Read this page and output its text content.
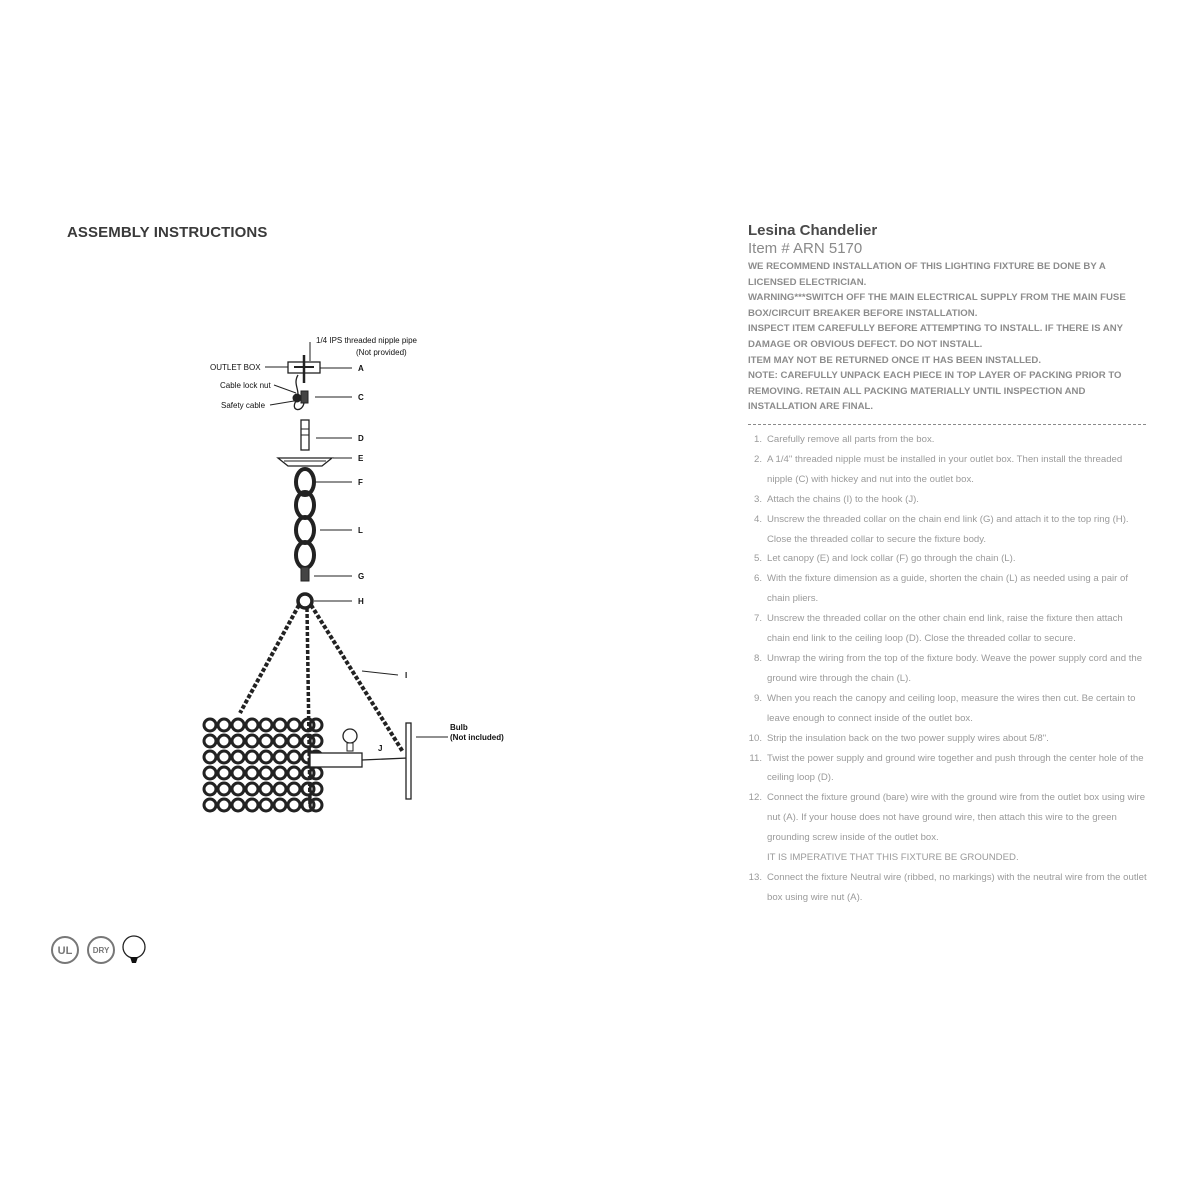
ASSEMBLY INSTRUCTIONS
1/4 IPS threaded nipple pipe
(Not provided)
OUTLET BOX
Cable lock nut
Safety cable
A
C
D
E
F
L
G
H
I
J
Bulb
(Not included)
UL	DRY
Lesina Chandelier
Item # ARN 5170

WE RECOMMEND INSTALLATION OF THIS LIGHTING FIXTURE BE DONE BY A LICENSED ELECTRICIAN.

WARNING***SWITCH OFF THE MAIN ELECTRICAL SUPPLY FROM THE MAIN FUSE BOX/CIRCUIT BREAKER BEFORE INSTALLATION.

INSPECT ITEM CAREFULLY BEFORE ATTEMPTING TO INSTALL. IF THERE IS ANY DAMAGE OR OBVIOUS DEFECT. DO NOT INSTALL.

ITEM MAY NOT BE RETURNED ONCE IT HAS BEEN INSTALLED.

NOTE: CAREFULLY UNPACK EACH PIECE IN TOP LAYER OF PACKING PRIOR TO REMOVING. RETAIN ALL PACKING MATERIALLY UNTIL INSPECTION AND INSTALLATION ARE FINAL.

1. Carefully remove all parts from the box.
2. A 1/4" threaded nipple must be installed in your outlet box. Then install the threaded nipple (C) with hickey and nut into the outlet box.
3. Attach the chains (I) to the hook (J).
4. Unscrew the threaded collar on the chain end link (G) and attach it to the top ring (H). Close the threaded collar to secure the fixture body.
5. Let canopy (E) and lock collar (F) go through the chain (L).
6. With the fixture dimension as a guide, shorten the chain (L) as needed using a pair of chain pliers.
7. Unscrew the threaded collar on the other chain end link, raise the fixture then attach chain end link to the ceiling loop (D). Close the threaded collar to secure.
8. Unwrap the wiring from the top of the fixture body. Weave the power supply cord and the ground wire through the chain (L).
9. When you reach the canopy and ceiling loop, measure the wires then cut. Be certain to leave enough to connect inside of the outlet box.
10. Strip the insulation back on the two power supply wires about 5/8".
11. Twist the power supply and ground wire together and push through the center hole of the ceiling loop (D).
12. Connect the fixture ground (bare) wire with the ground wire from the outlet box using wire nut (A). If your house does not have ground wire, then attach this wire to the green grounding screw inside of the outlet box.
IT IS IMPERATIVE THAT THIS FIXTURE BE GROUNDED.
13. Connect the fixture Neutral wire (ribbed, no markings) with the neutral wire from the outlet box using wire nut (A).
